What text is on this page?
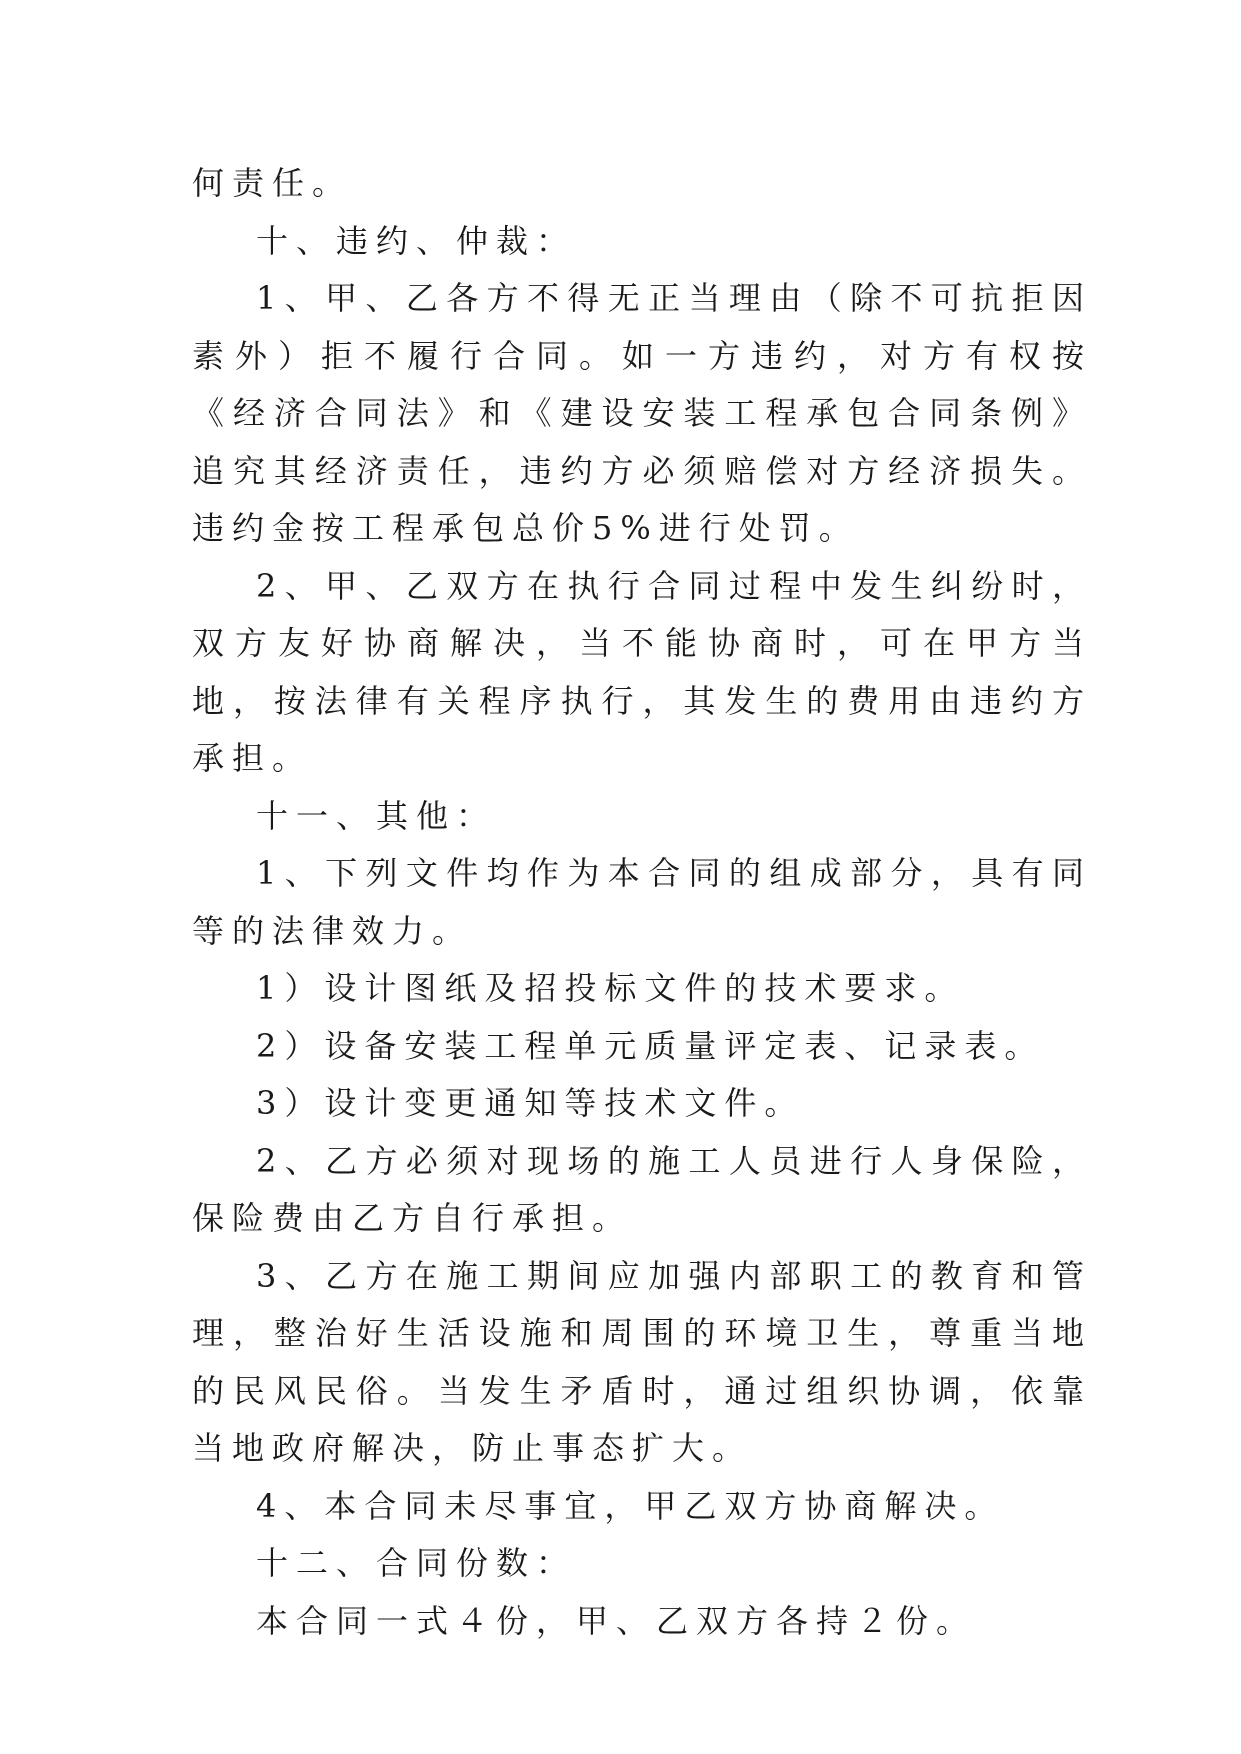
何责任。

十、违约、仲裁：

1、甲、乙各方不得无正当理由（除不可抗拒因素外）拒不履行合同。如一方违约，对方有权按《经济合同法》和《建设安装工程承包合同条例》追究其经济责任，违约方必须赔偿对方经济损失。违约金按工程承包总价5%进行处罚。

2、甲、乙双方在执行合同过程中发生纠纷时，双方友好协商解决，当不能协商时，可在甲方当地，按法律有关程序执行，其发生的费用由违约方承担。

十一、其他：

1、下列文件均作为本合同的组成部分，具有同等的法律效力。

1）设计图纸及招投标文件的技术要求。

2）设备安装工程单元质量评定表、记录表。

3）设计变更通知等技术文件。

2、乙方必须对现场的施工人员进行人身保险，保险费由乙方自行承担。

3、乙方在施工期间应加强内部职工的教育和管理，整治好生活设施和周围的环境卫生，尊重当地的民风民俗。当发生矛盾时，通过组织协调，依靠当地政府解决，防止事态扩大。

4、本合同未尽事宜，甲乙双方协商解决。

十二、合同份数：

本合同一式４份，甲、乙双方各持２份。
